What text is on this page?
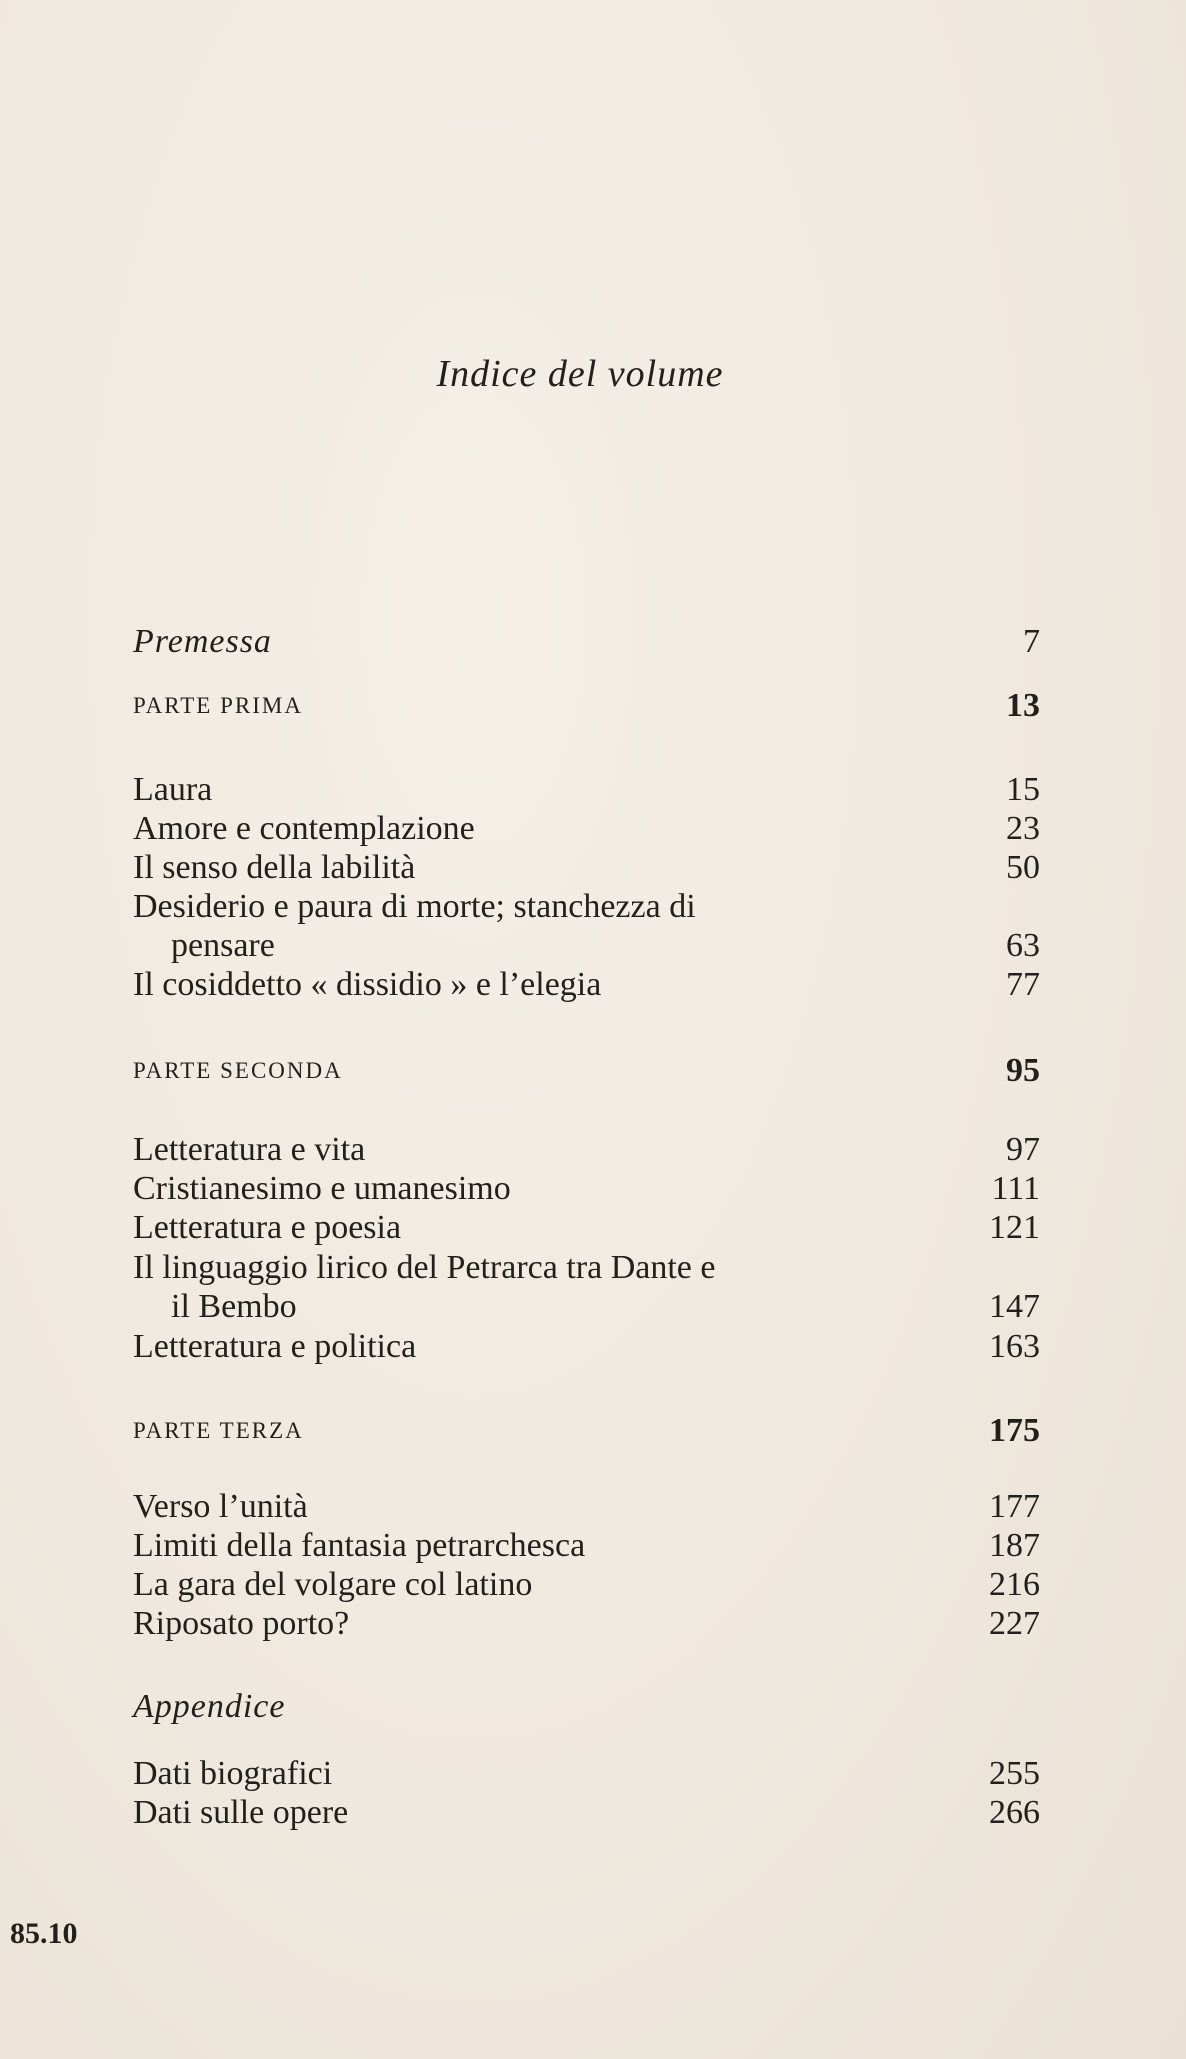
Indice del volume
Premessa	7
PARTE PRIMA	13
Laura	15
Amore e contemplazione	23
Il senso della labilità	50
Desiderio e paura di morte; stanchezza di
pensare	63
Il cosiddetto « dissidio » e l’elegia	77
PARTE SECONDA	95
Letteratura e vita	97
Cristianesimo e umanesimo	111
Letteratura e poesia	121
Il linguaggio lirico del Petrarca tra Dante e
il Bembo	147
Letteratura e politica	163
PARTE TERZA	175
Verso l’unità	177
Limiti della fantasia petrarchesca	187
La gara del volgare col latino	216
Riposato porto?	227
Appendice
Dati biografici	255
Dati sulle opere	266
85.10
